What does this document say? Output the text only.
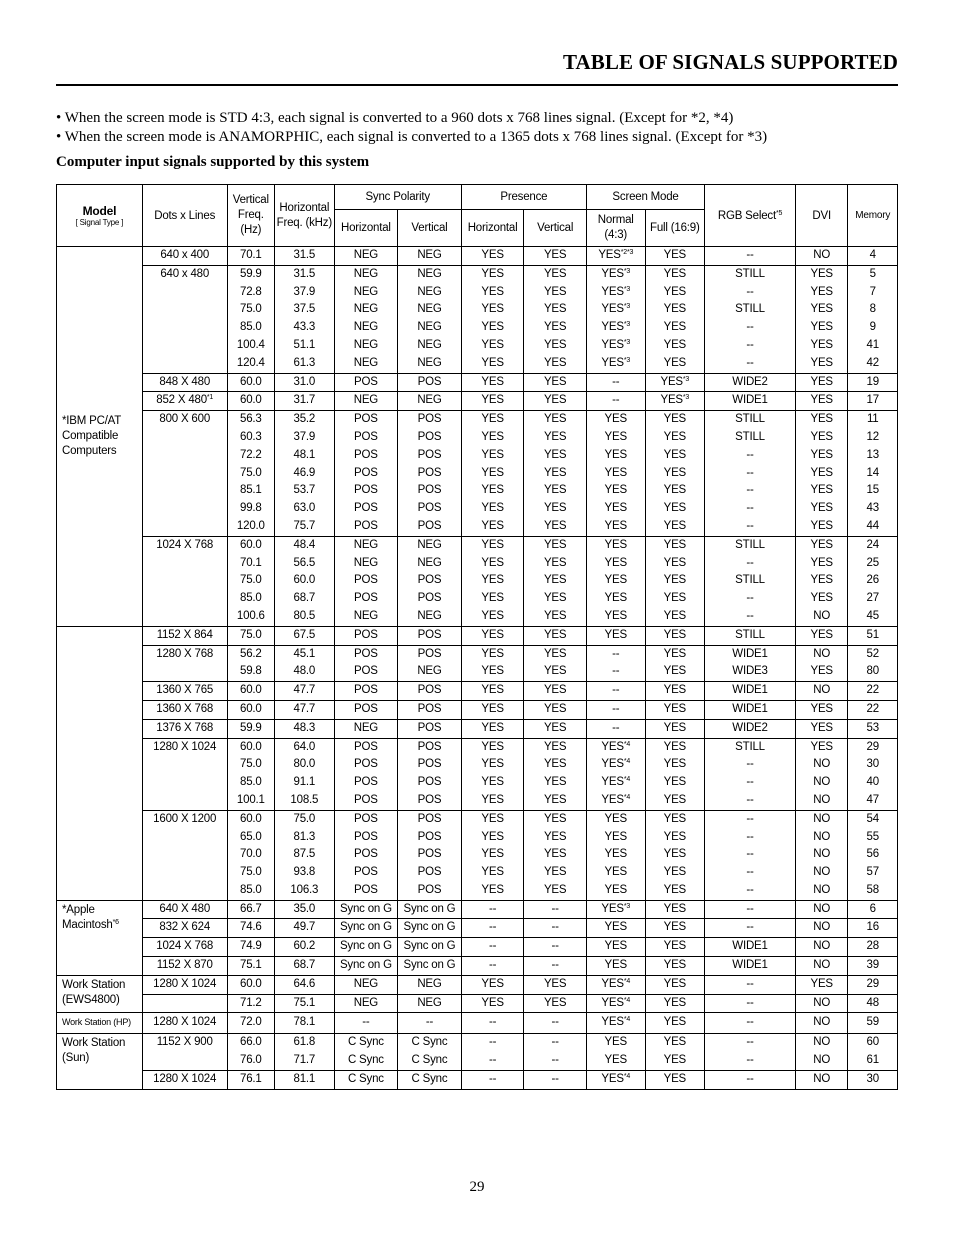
TABLE OF SIGNALS SUPPORTED
• When the screen mode is STD 4:3, each signal is converted to a 960 dots x 768 lines signal. (Except for *2, *4)
• When the screen mode is ANAMORPHIC, each signal is converted to a 1365 dots x 768 lines signal. (Except for *3)
Computer input signals supported by this system
Model
[ Signal Type ]	Dots x Lines	Vertical Freq. (Hz)	Horizontal Freq. (kHz)	Sync Polarity		Presence		Screen Mode		RGB Select$^{*5}$	DVI	Memory
				Horizontal	Vertical	Horizontal	Vertical	Normal (4:3)	Full (16:9)			
*IBM PC/AT Compatible Computers	640 x 400	70.1	31.5	NEG	NEG	YES	YES	$YES^{*2*3}$	YES	--	NO	4
	640 x 480	59.9	31.5	NEG	NEG	YES	YES	YES$^{*3}$	YES	STILL	YES	5
		72.8	37.9	NEG	NEG	YES	YES	YES$^{*3}$	YES	--	YES	7
		75.0	37.5	NEG	NEG	YES	YES	YES$^{*3}$	YES	STILL	YES	8
		85.0	43.3	NEG	NEG	YES	YES	YES$^{*3}$	YES	--	YES	9
		100.4	51.1	NEG	NEG	YES	YES	YES$^{*3}$	YES	--	YES	41
		120.4	61.3	NEG	NEG	YES	YES	YES$^{*3}$	YES	--	YES	42
	848 X 480	60.0	31.0	POS	POS	YES	YES	--	YES$^{*3}$	WIDE2	YES	19
	852 X 480$^{*1}$	60.0	31.7	NEG	NEG	YES	YES	--	YES$^{*3}$	WIDE1	YES	17
	800 X 600	56.3	35.2	POS	POS	YES	YES	YES	YES	STILL	YES	11
		60.3	37.9	POS	POS	YES	YES	YES	YES	STILL	YES	12
		72.2	48.1	POS	POS	YES	YES	YES	YES	--	YES	13
		75.0	46.9	POS	POS	YES	YES	YES	YES	--	YES	14
		85.1	53.7	POS	POS	YES	YES	YES	YES	--	YES	15
		99.8	63.0	POS	POS	YES	YES	YES	YES	--	YES	43
		120.0	75.7	POS	POS	YES	YES	YES	YES	--	YES	44
	1024 X 768	60.0	48.4	NEG	NEG	YES	YES	YES	YES	STILL	YES	24
		70.1	56.5	NEG	NEG	YES	YES	YES	YES	--	YES	25
		75.0	60.0	POS	POS	YES	YES	YES	YES	STILL	YES	26
		85.0	68.7	POS	POS	YES	YES	YES	YES	--	YES	27
		100.6	80.5	NEG	NEG	YES	YES	YES	YES	--	NO	45
	1152 X 864	75.0	67.5	POS	POS	YES	YES	YES	YES	STILL	YES	51
	1280 X 768	56.2	45.1	POS	POS	YES	YES	--	YES	WIDE1	NO	52
		59.8	48.0	POS	NEG	YES	YES	--	YES	WIDE3	YES	80
	1360 X 765	60.0	47.7	POS	POS	YES	YES	--	YES	WIDE1	NO	22
	1360 X 768	60.0	47.7	POS	POS	YES	YES	--	YES	WIDE1	YES	22
	1376 X 768	59.9	48.3	NEG	POS	YES	YES	--	YES	WIDE2	YES	53
	1280 X 1024	60.0	64.0	POS	POS	YES	YES	YES$^{*4}$	YES	STILL	YES	29
		75.0	80.0	POS	POS	YES	YES	YES$^{*4}$	YES	--	NO	30
		85.0	91.1	POS	POS	YES	YES	YES$^{*4}$	YES	--	NO	40
		100.1	108.5	POS	POS	YES	YES	YES$^{*4}$	YES	--	NO	47
	1600 X 1200	60.0	75.0	POS	POS	YES	YES	YES	YES	--	NO	54
		65.0	81.3	POS	POS	YES	YES	YES	YES	--	NO	55
		70.0	87.5	POS	POS	YES	YES	YES	YES	--	NO	56
		75.0	93.8	POS	POS	YES	YES	YES	YES	--	NO	57
		85.0	106.3	POS	POS	YES	YES	YES	YES	--	NO	58
*Apple Macintosh$^{*6}$	640 X 480	66.7	35.0	Sync on G	Sync on G	--	--	YES$^{*3}$	YES	--	NO	6
	832 X 624	74.6	49.7	Sync on G	Sync on G	--	--	YES	YES	--	NO	16
	1024 X 768	74.9	60.2	Sync on G	Sync on G	--	--	YES	YES	WIDE1	NO	28
	1152 X 870	75.1	68.7	Sync on G	Sync on G	--	--	YES	YES	WIDE1	NO	39
Work Station (EWS4800)	1280 X 1024	60.0	64.6	NEG	NEG	YES	YES	YES$^{*4}$	YES	--	YES	29
		71.2	75.1	NEG	NEG	YES	YES	YES$^{*4}$	YES	--	NO	48
Work Station (HP)	1280 X 1024	72.0	78.1	--	--	--	--	YES$^{*4}$	YES	--	NO	59
Work Station (Sun)	1152 X 900	66.0	61.8	C Sync	C Sync	--	--	YES	YES	--	NO	60
		76.0	71.7	C Sync	C Sync	--	--	YES	YES	--	NO	61
	1280 X 1024	76.1	81.1	C Sync	C Sync	--	--	YES$^{*4}$	YES	--	NO	30
29
